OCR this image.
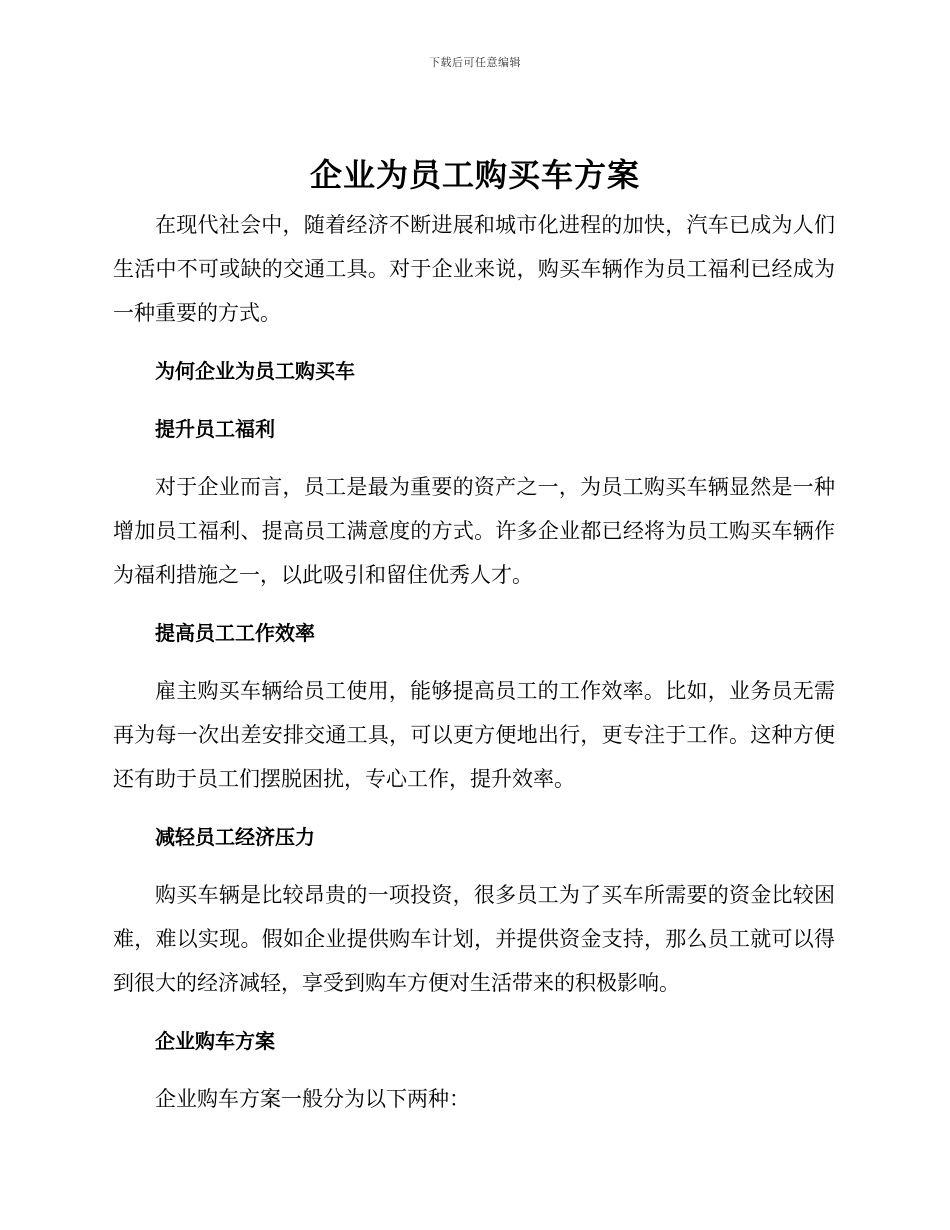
下载后可任意编辑
企业为员工购买车方案

在现代社会中，随着经济不断进展和城市化进程的加快，汽车已成为人们生活中不可或缺的交通工具。对于企业来说，购买车辆作为员工福利已经成为一种重要的方式。

为何企业为员工购买车
提升员工福利

对于企业而言，员工是最为重要的资产之一，为员工购买车辆显然是一种增加员工福利、提高员工满意度的方式。许多企业都已经将为员工购买车辆作为福利措施之一，以此吸引和留住优秀人才。

提高员工工作效率

雇主购买车辆给员工使用，能够提高员工的工作效率。比如，业务员无需再为每一次出差安排交通工具，可以更方便地出行，更专注于工作。这种方便还有助于员工们摆脱困扰，专心工作，提升效率。

减轻员工经济压力

购买车辆是比较昂贵的一项投资，很多员工为了买车所需要的资金比较困难，难以实现。假如企业提供购车计划，并提供资金支持，那么员工就可以得到很大的经济减轻，享受到购车方便对生活带来的积极影响。

企业购车方案

企业购车方案一般分为以下两种：
